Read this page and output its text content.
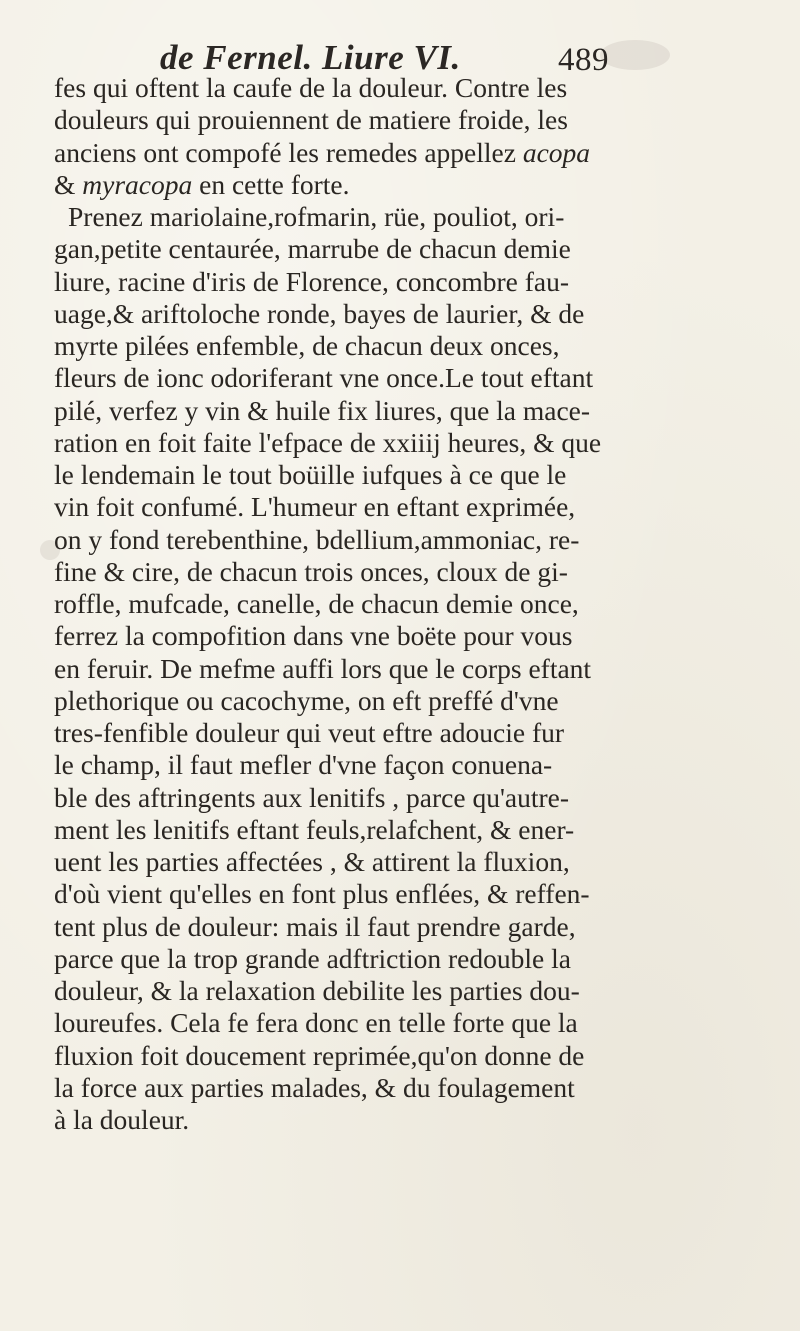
de Fernel. Liure VI.	489
fes qui oftent la caufe de la douleur. Contre les
douleurs qui prouiennent de matiere froide, les
anciens ont compofé les remedes appellez acopa
& myracopa en cette forte.
Prenez mariolaine,rofmarin, rüe, pouliot, ori-
gan,petite centaurée, marrube de chacun demie
liure, racine d'iris de Florence, concombre fau-
uage,& ariftoloche ronde, bayes de laurier, & de
myrte pilées enfemble, de chacun deux onces,
fleurs de ionc odoriferant vne once.Le tout eftant
pilé, verfez y vin & huile fix liures, que la mace-
ration en foit faite l'efpace de xxiiij heures, & que
le lendemain le tout boüille iufques à ce que le
vin foit confumé. L'humeur en eftant exprimée,
on y fond terebenthine, bdellium,ammoniac, re-
fine & cire, de chacun trois onces, cloux de gi-
roffle, mufcade, canelle, de chacun demie once,
ferrez la compofition dans vne boëte pour vous
en feruir. De mefme auffi lors que le corps eftant
plethorique ou cacochyme, on eft preffé d'vne
tres-fenfible douleur qui veut eftre adoucie fur
le champ, il faut mefler d'vne façon conuena-
ble des aftringents aux lenitifs , parce qu'autre-
ment les lenitifs eftant feuls,relafchent, & ener-
uent les parties affectées , & attirent la fluxion,
d'où vient qu'elles en font plus enflées, & reffen-
tent plus de douleur: mais il faut prendre garde,
parce que la trop grande adftriction redouble la
douleur, & la relaxation debilite les parties dou-
loureufes. Cela fe fera donc en telle forte que la
fluxion foit doucement reprimée,qu'on donne de
la force aux parties malades, & du foulagement
à la douleur.
